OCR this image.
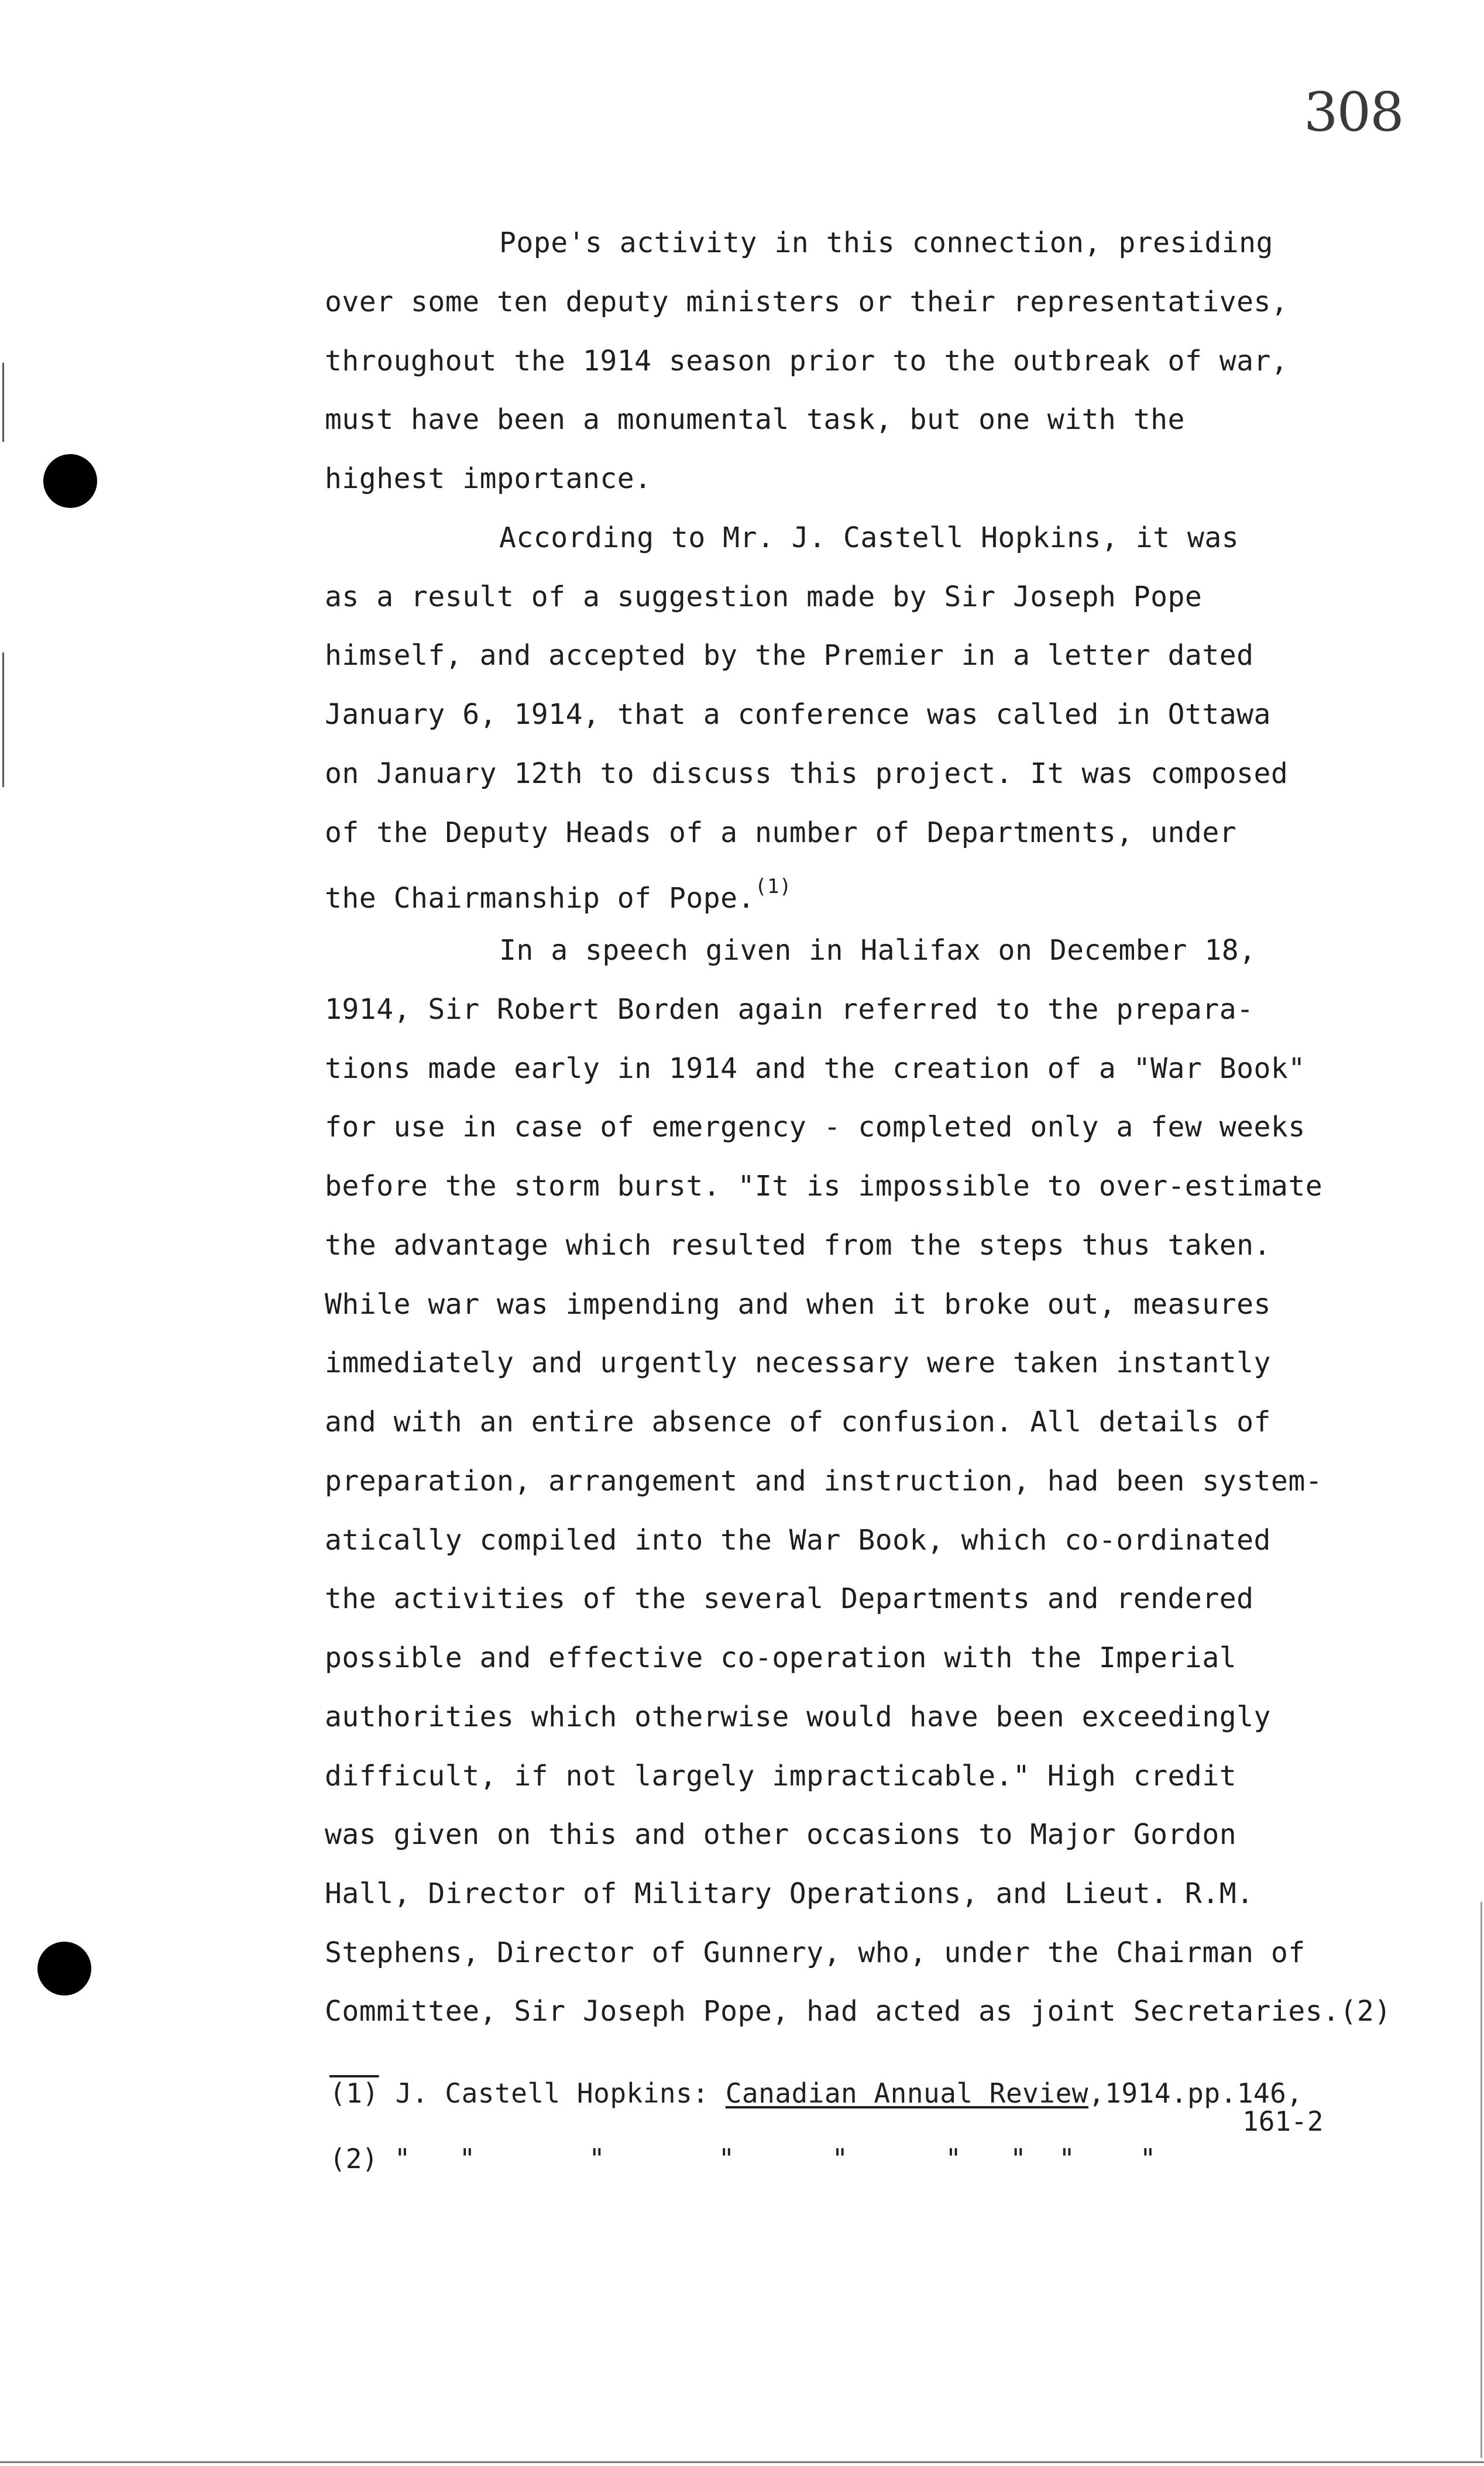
308
Pope's activity in this connection, presiding
over some ten deputy ministers or their representatives,
throughout the 1914 season prior to the outbreak of war,
must have been a monumental task, but one with the
highest importance.
According to Mr. J. Castell Hopkins, it was
as a result of a suggestion made by Sir Joseph Pope
himself, and accepted by the Premier in a letter dated
January 6, 1914, that a conference was called in Ottawa
on January 12th to discuss this project. It was composed
of the Deputy Heads of a number of Departments, under
the Chairmanship of Pope.$^{(1)}$
In a speech given in Halifax on December 18,
1914, Sir Robert Borden again referred to the prepara-
tions made early in 1914 and the creation of a "War Book"
for use in case of emergency - completed only a few weeks
before the storm burst. "It is impossible to over-estimate
the advantage which resulted from the steps thus taken.
While war was impending and when it broke out, measures
immediately and urgently necessary were taken instantly
and with an entire absence of confusion. All details of
preparation, arrangement and instruction, had been system-
atically compiled into the War Book, which co-ordinated
the activities of the several Departments and rendered
possible and effective co-operation with the Imperial
authorities which otherwise would have been exceedingly
difficult, if not largely impracticable." High credit
was given on this and other occasions to Major Gordon
Hall, Director of Military Operations, and Lieut. R.M.
Stephens, Director of Gunnery, who, under the Chairman of
Committee, Sir Joseph Pope, had acted as joint Secretaries.(2)
(1) J. Castell Hopkins: Canadian Annual Review,1914.pp.146,
161-2
(2) "   "       "       "      "      "   "  "    "
